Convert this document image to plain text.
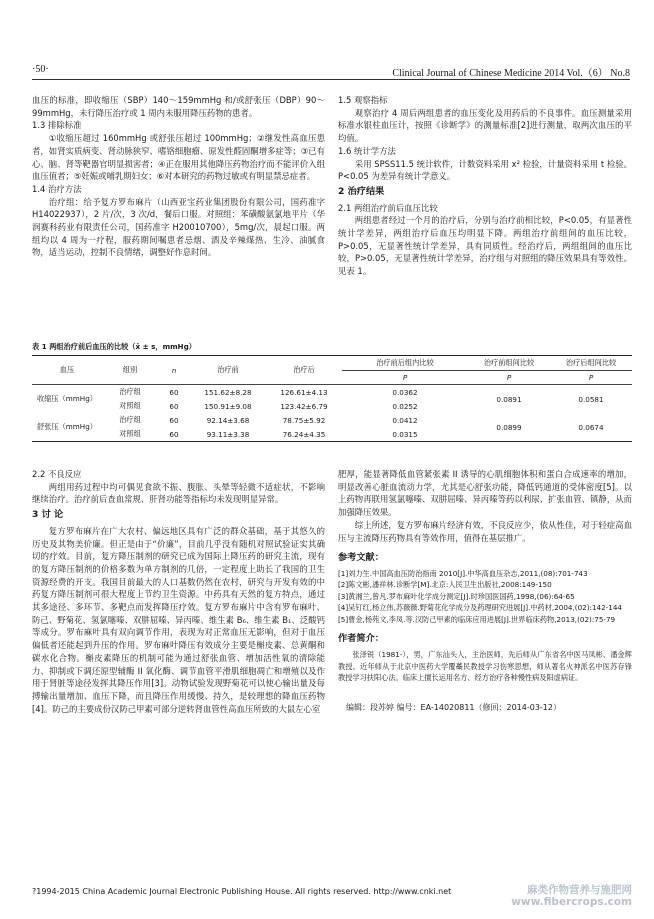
·50·	Clinical Journal of Chinese Medicine 2014 Vol.（6） No.8

血压的标准，即收缩压（SBP）140～159mmHg 和/或舒张压（DBP）90～99mmHg，未行降压治疗或 1 周内未服用降压药物的患者。

1.3 排除标准

①收缩压超过 160mmHg 或舒张压超过 100mmHg；②继发性高血压患者，如肾实质病变、肾动脉狭窄、嗜铬细胞瘤、原发性醛固酮增多症等；③已有心、脑、肾等靶器官明显损害者；④正在服用其他降压药物治疗而不能评价入组血压值者；⑤妊娠或哺乳期妇女；⑥对本研究的药物过敏或有明显禁忌症者。

1.4 治疗方法

治疗组：给予复方罗布麻片（山西亚宝药业集团股份有限公司，国药准字 H14022937），2 片/次，3 次/d，餐后口服。对照组：苯磺酸氨氯地平片（华润赛科药业有限责任公司，国药准字 H20010700），5mg/次，晨起口服。两组均以 4 周为一疗程，服药期间嘱患者忌烟、酒及辛辣煤热、生冷、油腻食物，适当运动，控制不良情绪，调整好作息时间。

1.5 观察指标

观察治疗 4 周后两组患者的血压变化及用药后的不良事件。血压测量采用标准水银柱血压计，按照《诊断学》的测量标准[2]进行测量，取两次血压的平均值。

1.6 统计学方法

采用 SPSS11.5 统计软件，计数资料采用 x² 检验，计量资料采用 t 检验。P<0.05 为差异有统计学意义。

2 治疗结果

2.1 两组治疗前后血压比较

两组患者经过一个月的治疗后，分别与治疗前相比较，P<0.05，有显著性统计学差异，两组治疗后血压均明显下降。两组治疗前组间的血压比较，P>0.05，无显著性统计学差异，具有同质性。经治疗后，两组组间的血压比较，P>0.05，无显著性统计学差异，治疗组与对照组的降压效果具有等效性。见表 1。

表 1 两组治疗前后血压的比较（x̄ ± s，mmHg）
血压	组别	n	治疗前	治疗后	治疗前后组内比较	治疗前组间比较	治疗后组间比较
					P	P	P
收缩压（mmHg）	治疗组	60	151.62±8.28	126.61±4.13	0.0362	0.0891	0.0581
	对照组	60	150.91±9.08	123.42±6.79	0.0252		
舒张压（mmHg）	治疗组	60	92.14±3.68	78.75±5.92	0.0412	0.0899	0.0674
	对照组	60	93.11±3.38	76.24±4.35	0.0315		

2.2 不良反应

两组用药过程中均可偶见食欲不振、腹胀、头晕等轻微不适症状，不影响继续治疗。治疗前后查血常规、肝肾功能等指标均未发现明显异常。

3 讨 论

复方罗布麻片在广大农村、偏远地区具有广泛的群众基础，基于其悠久的历史及其物美价廉。但正是由于“价廉”，目前几乎没有随机对照试验证实其确切的疗效。目前，复方降压制剂的研究已成为国际上降压药的研究主流，现有的复方降压制剂的价格多数为单方制剂的几倍，一定程度上助长了我国的卫生资源经费的开支。我国目前最大的人口基数仍然在农村，研究与开发有效的中药复方降压制剂可很大程度上节约卫生资源。中药具有天然的复方特点，通过其多途径、多环节、多靶点而发挥降压疗效。复方罗布麻片中含有罗布麻叶、防己、野菊花、氢氯噻嗪、双肼屈嗪、异丙嗪、维生素 B₆、维生素 B₁、泛酸钙等成分。罗布麻叶具有双向调节作用，表现为对正常血压无影响，但对于血压偏低者还能起到升压的作用。罗布麻叶降压有效成分主要是槲皮素、总黄酮和碳水化合物。槲皮素降压的机制可能为通过舒张血管、增加活性氧的清除能力、抑制或下调还原型辅酶 II 氧化酶、调节血管平滑肌细胞凋亡和增殖以及作用于肾脏等途径发挥其降压作用[3]。动物试验发现野菊花可以使心输出量及每搏输出量增加、血压下降，而且降压作用缓慢、持久，是较理想的降血压药物[4]。防己的主要成份汉防己甲素可部分逆转肾血管性高血压所致的大鼠左心室

肥厚，能显著降低血管紧张素 II 诱导的心肌细胞体积和蛋白合成速率的增加，明显改善心脏血流动力学，尤其是心舒张功能，降低钙通道的受体密度[5]。以上药物再联用氢氯噻嗪、双肼屈嗪、异丙嗪等药以利尿、扩张血管、镇静，从而加强降压效果。

综上所述，复方罗布麻片经济有效，不良反应少，依从性佳，对于轻症高血压与主流降压药物具有等效作用，值得在基层推广。

参考文献：

[1]刘力生.中国高血压防治指南 2010[J].中华高血压杂志,2011,(08):701-743

[2]陈文彬,潘祥林.诊断学[M].北京:人民卫生出版社,2008:149-150

[3]黄湘兰,曾凡.罗布麻叶化学成分测定[J].时珍国医国药,1998,(06):64-65

[4]吴钉红,杨立伟,苏薇薇.野菊花化学成分及药理研究进展[J].中药材,2004,(02):142-144

[5]曹金,杨苑文,李凤.等.汉防己甲素的临床应用进展[J].世界临床药物,2013,(02):75-79

作者简介：

张泽锐（1981-），男，广东汕头人，主治医师，先后师从广东省名中医马凤彬、潘金辉教授。近年师从于北京中医药大学覆蘽民教授学习伤寒思想，师从著名火神派名中医苏存锋教授学习扶阳心法。临床上擅长运用名方、经方治疗各种慢性病及阳虚病证。

编辑：段苏婷 编号：EA-14020811（修回：2014-03-12）

?1994-2015 China Academic Journal Electronic Publishing House. All rights reserved. http://www.cnki.net	麻类作物营养与施肥网
www.fibercrops.com
